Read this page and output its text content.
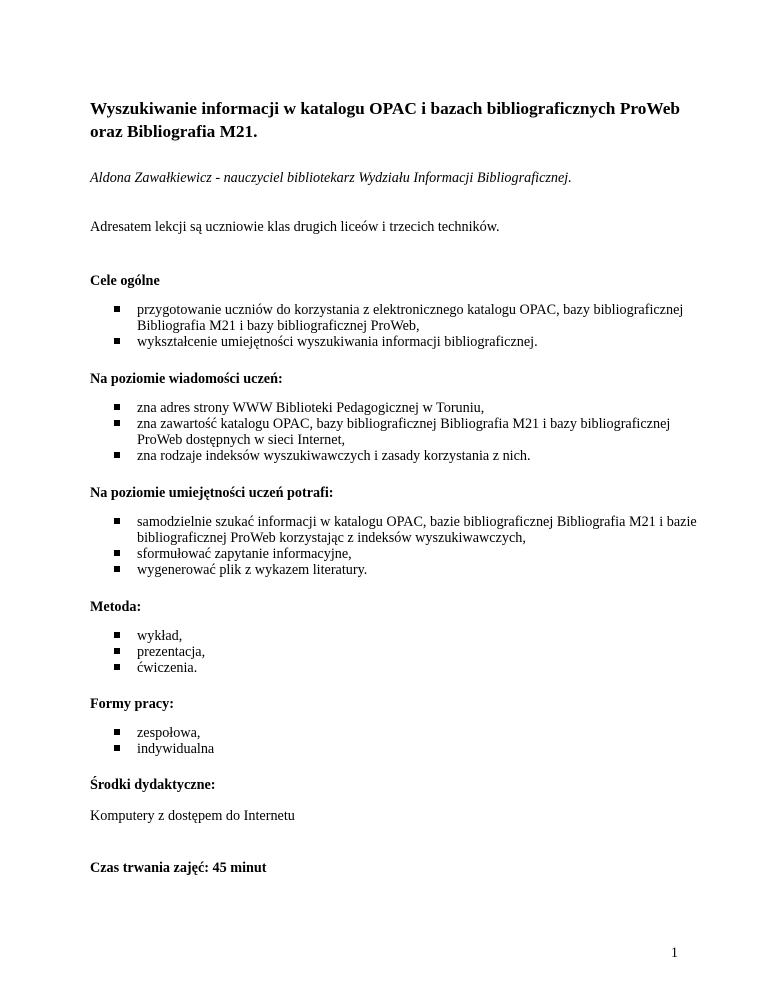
Wyszukiwanie informacji w katalogu OPAC i bazach bibliograficznych ProWeb oraz Bibliografia M21.

Aldona Zawałkiewicz - nauczyciel bibliotekarz Wydziału Informacji Bibliograficznej.

Adresatem lekcji są uczniowie klas drugich liceów i trzecich techników.

Cele ogólne

przygotowanie uczniów do korzystania z elektronicznego katalogu OPAC, bazy bibliograficznej Bibliografia M21 i bazy bibliograficznej ProWeb,
wykształcenie umiejętności wyszukiwania informacji bibliograficznej.

Na poziomie wiadomości uczeń:

zna adres strony WWW Biblioteki Pedagogicznej w Toruniu,
zna zawartość katalogu OPAC, bazy bibliograficznej Bibliografia M21 i bazy bibliograficznej ProWeb dostępnych w sieci Internet,
zna rodzaje indeksów wyszukiwawczych i zasady korzystania z nich.

Na poziomie umiejętności uczeń potrafi:

samodzielnie szukać informacji w katalogu OPAC, bazie bibliograficznej Bibliografia M21 i bazie bibliograficznej ProWeb korzystając z indeksów wyszukiwawczych,
sformułować zapytanie informacyjne,
wygenerować plik z wykazem literatury.

Metoda:

wykład,
prezentacja,
ćwiczenia.

Formy pracy:

zespołowa,
indywidualna

Środki dydaktyczne:

Komputery z dostępem do Internetu

Czas trwania zajęć: 45 minut

1
